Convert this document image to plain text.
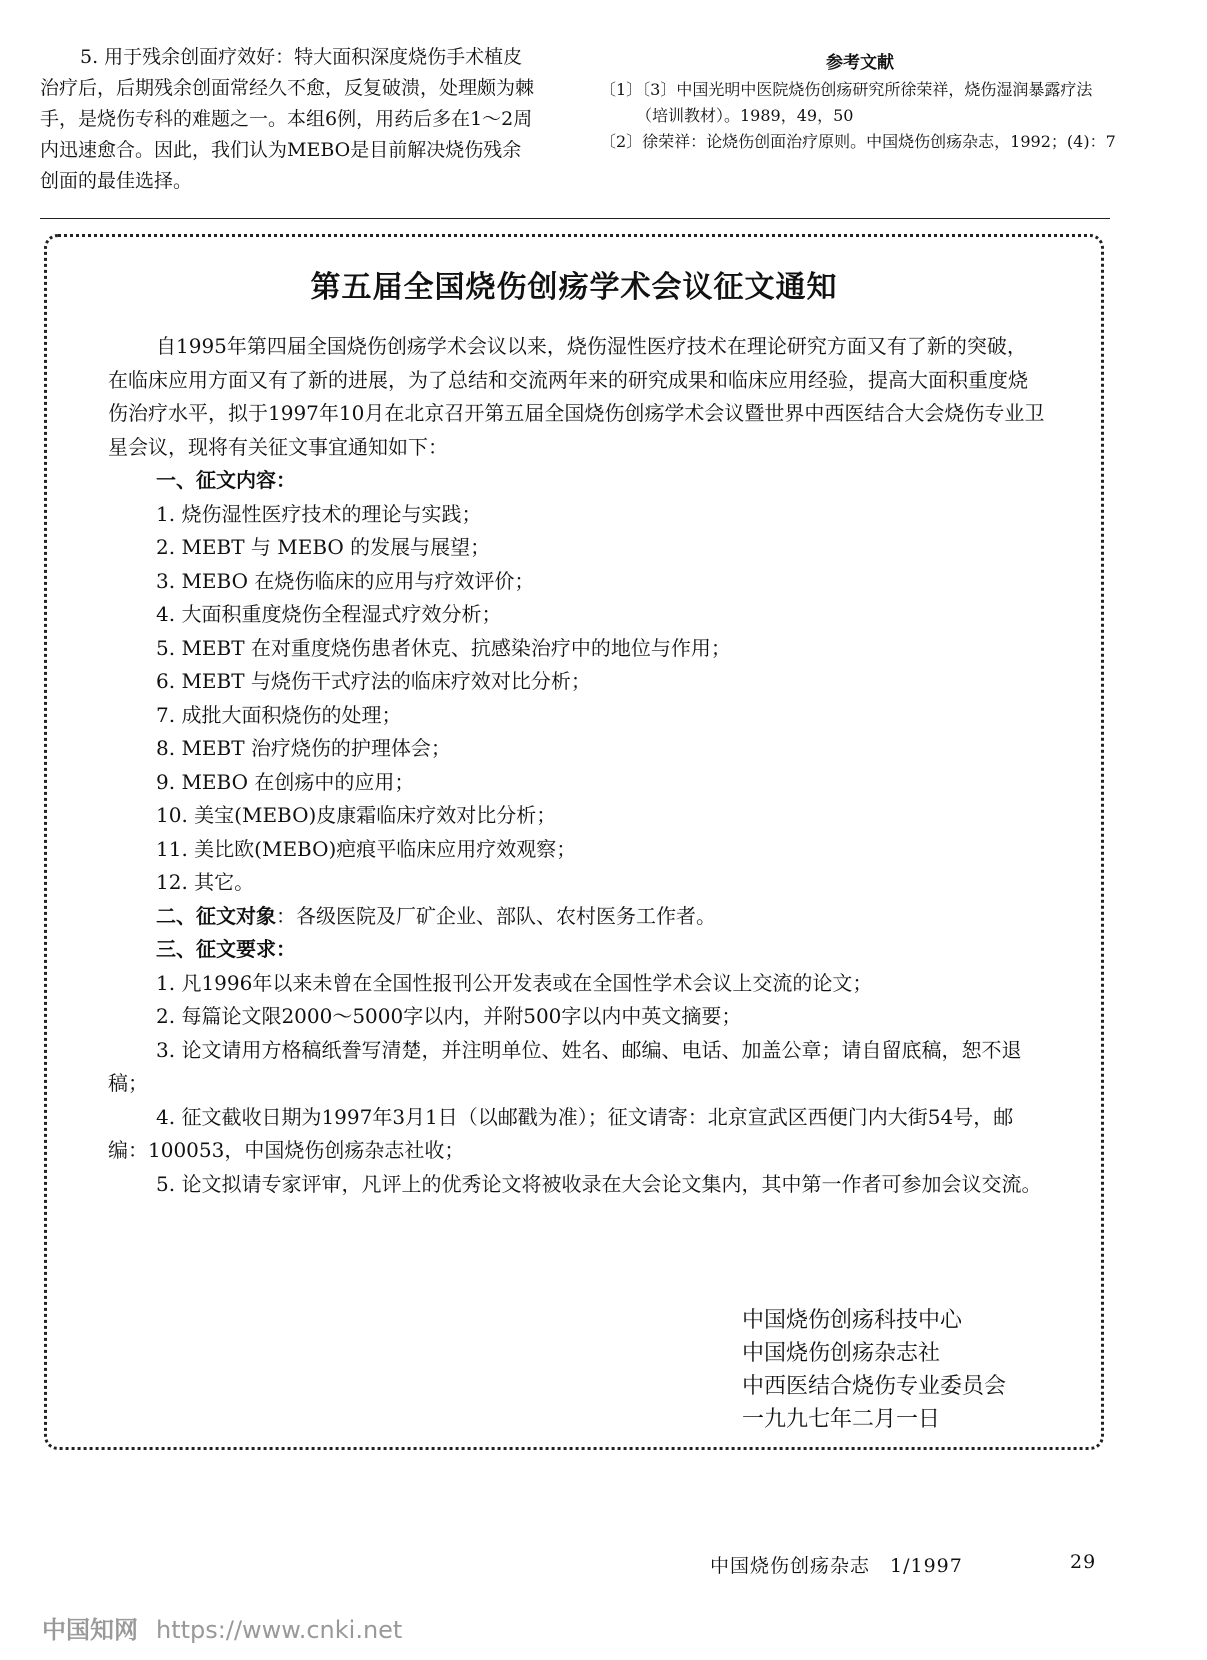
5. 用于残余创面疗效好：特大面积深度烧伤手术植皮治疗后，后期残余创面常经久不愈，反复破溃，处理颇为棘手，是烧伤专科的难题之一。本组6例，用药后多在1～2周内迅速愈合。因此，我们认为MEBO是目前解决烧伤残余创面的最佳选择。

参考文献

〔1〕〔3〕中国光明中医院烧伤创疡研究所徐荣祥，烧伤湿润暴露疗法（培训教材）。1989，49，50

〔2〕徐荣祥：论烧伤创面治疗原则。中国烧伤创疡杂志，1992；(4)：7

第五届全国烧伤创疡学术会议征文通知

自1995年第四届全国烧伤创疡学术会议以来，烧伤湿性医疗技术在理论研究方面又有了新的突破，在临床应用方面又有了新的进展，为了总结和交流两年来的研究成果和临床应用经验，提高大面积重度烧伤治疗水平，拟于1997年10月在北京召开第五届全国烧伤创疡学术会议暨世界中西医结合大会烧伤专业卫星会议，现将有关征文事宜通知如下：

一、征文内容：

1. 烧伤湿性医疗技术的理论与实践；

2. MEBT 与 MEBO 的发展与展望；

3. MEBO 在烧伤临床的应用与疗效评价；

4. 大面积重度烧伤全程湿式疗效分析；

5. MEBT 在对重度烧伤患者休克、抗感染治疗中的地位与作用；

6. MEBT 与烧伤干式疗法的临床疗效对比分析；

7. 成批大面积烧伤的处理；

8. MEBT 治疗烧伤的护理体会；

9. MEBO 在创疡中的应用；

10. 美宝(MEBO)皮康霜临床疗效对比分析；

11. 美比欧(MEBO)疤痕平临床应用疗效观察；

12. 其它。

二、征文对象：各级医院及厂矿企业、部队、农村医务工作者。

三、征文要求：

1. 凡1996年以来未曾在全国性报刊公开发表或在全国性学术会议上交流的论文；

2. 每篇论文限2000～5000字以内，并附500字以内中英文摘要；

3. 论文请用方格稿纸誊写清楚，并注明单位、姓名、邮编、电话、加盖公章；请自留底稿，恕不退稿；

4. 征文截收日期为1997年3月1日（以邮戳为准）；征文请寄：北京宣武区西便门内大街54号，邮编：100053，中国烧伤创疡杂志社收；

5. 论文拟请专家评审，凡评上的优秀论文将被收录在大会论文集内，其中第一作者可参加会议交流。

中国烧伤创疡科技中心
中国烧伤创疡杂志社
中西医结合烧伤专业委员会
一九九七年二月一日
中国烧伤创疡杂志　1/1997	29
中国知网 https://www.cnki.net
